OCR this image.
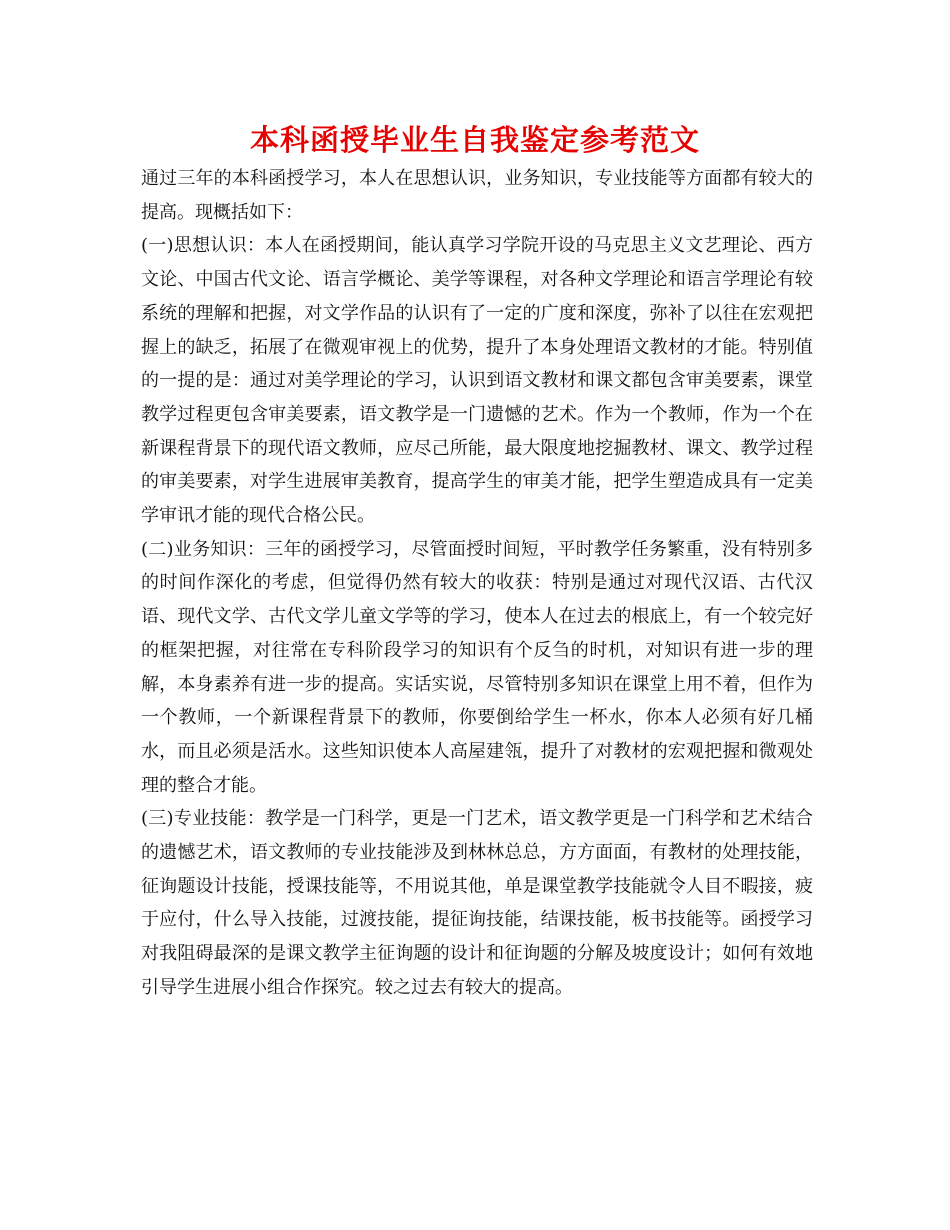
本科函授毕业生自我鉴定参考范文

通过三年的本科函授学习，本人在思想认识，业务知识，专业技能等方面都有较大的提高。现概括如下：

(一)思想认识：本人在函授期间，能认真学习学院开设的马克思主义文艺理论、西方文论、中国古代文论、语言学概论、美学等课程，对各种文学理论和语言学理论有较系统的理解和把握，对文学作品的认识有了一定的广度和深度，弥补了以往在宏观把握上的缺乏，拓展了在微观审视上的优势，提升了本身处理语文教材的才能。特别值的一提的是：通过对美学理论的学习，认识到语文教材和课文都包含审美要素，课堂教学过程更包含审美要素，语文教学是一门遗憾的艺术。作为一个教师，作为一个在新课程背景下的现代语文教师，应尽己所能，最大限度地挖掘教材、课文、教学过程的审美要素，对学生进展审美教育，提高学生的审美才能，把学生塑造成具有一定美学审讯才能的现代合格公民。

(二)业务知识：三年的函授学习，尽管面授时间短，平时教学任务繁重，没有特别多的时间作深化的考虑，但觉得仍然有较大的收获：特别是通过对现代汉语、古代汉语、现代文学、古代文学儿童文学等的学习，使本人在过去的根底上，有一个较完好的框架把握，对往常在专科阶段学习的知识有个反刍的时机，对知识有进一步的理解，本身素养有进一步的提高。实话实说，尽管特别多知识在课堂上用不着，但作为一个教师，一个新课程背景下的教师，你要倒给学生一杯水，你本人必须有好几桶水，而且必须是活水。这些知识使本人高屋建瓴，提升了对教材的宏观把握和微观处理的整合才能。

(三)专业技能：教学是一门科学，更是一门艺术，语文教学更是一门科学和艺术结合的遗憾艺术，语文教师的专业技能涉及到林林总总，方方面面，有教材的处理技能，征询题设计技能，授课技能等，不用说其他，单是课堂教学技能就令人目不暇接，疲于应付，什么导入技能，过渡技能，提征询技能，结课技能，板书技能等。函授学习对我阻碍最深的是课文教学主征询题的设计和征询题的分解及坡度设计；如何有效地引导学生进展小组合作探究。较之过去有较大的提高。
